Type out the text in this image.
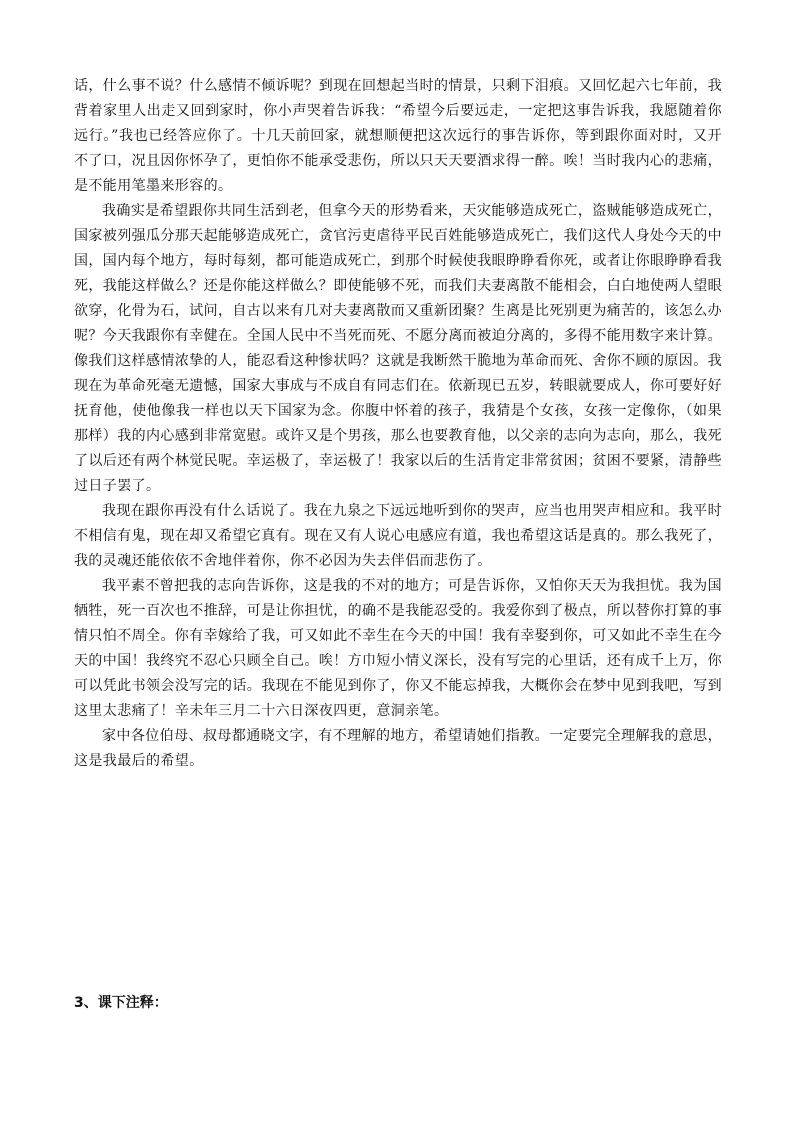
话，什么事不说？什么感情不倾诉呢？到现在回想起当时的情景，只剩下泪痕。又回忆起六七年前，我背着家里人出走又回到家时，你小声哭着告诉我：“希望今后要远走，一定把这事告诉我，我愿随着你远行。”我也已经答应你了。十几天前回家，就想顺便把这次远行的事告诉你，等到跟你面对时，又开不了口，况且因你怀孕了，更怕你不能承受悲伤，所以只天天要酒求得一醉。唉！当时我内心的悲痛，是不能用笔墨来形容的。

我确实是希望跟你共同生活到老，但拿今天的形势看来，天灾能够造成死亡，盗贼能够造成死亡，国家被列强瓜分那天起能够造成死亡，贪官污吏虐待平民百姓能够造成死亡，我们这代人身处今天的中国，国内每个地方，每时每刻，都可能造成死亡，到那个时候使我眼睁睁看你死，或者让你眼睁睁看我死，我能这样做么？还是你能这样做么？即使能够不死，而我们夫妻离散不能相会，白白地使两人望眼欲穿，化骨为石，试问，自古以来有几对夫妻离散而又重新团聚？生离是比死别更为痛苦的，该怎么办呢？今天我跟你有幸健在。全国人民中不当死而死、不愿分离而被迫分离的，多得不能用数字来计算。像我们这样感情浓挚的人，能忍看这种惨状吗？这就是我断然干脆地为革命而死、舍你不顾的原因。我现在为革命死毫无遗憾，国家大事成与不成自有同志们在。依新现已五岁，转眼就要成人，你可要好好抚育他，使他像我一样也以天下国家为念。你腹中怀着的孩子，我猜是个女孩，女孩一定像你，（如果那样）我的内心感到非常宽慰。或许又是个男孩，那么也要教育他，以父亲的志向为志向，那么，我死了以后还有两个林觉民呢。幸运极了，幸运极了！我家以后的生活肯定非常贫困；贫困不要紧，清静些过日子罢了。

我现在跟你再没有什么话说了。我在九泉之下远远地听到你的哭声，应当也用哭声相应和。我平时不相信有鬼，现在却又希望它真有。现在又有人说心电感应有道，我也希望这话是真的。那么我死了，我的灵魂还能依依不舍地伴着你，你不必因为失去伴侣而悲伤了。

我平素不曾把我的志向告诉你，这是我的不对的地方；可是告诉你，又怕你天天为我担忧。我为国牺牲，死一百次也不推辞，可是让你担忧，的确不是我能忍受的。我爱你到了极点，所以替你打算的事情只怕不周全。你有幸嫁给了我，可又如此不幸生在今天的中国！我有幸娶到你，可又如此不幸生在今天的中国！我终究不忍心只顾全自己。唉！方巾短小情义深长，没有写完的心里话，还有成千上万，你可以凭此书领会没写完的话。我现在不能见到你了，你又不能忘掉我，大概你会在梦中见到我吧，写到这里太悲痛了！辛未年三月二十六日深夜四更，意洞亲笔。

家中各位伯母、叔母都通晓文字，有不理解的地方，希望请她们指教。一定要完全理解我的意思，这是我最后的希望。

3、课下注释：
